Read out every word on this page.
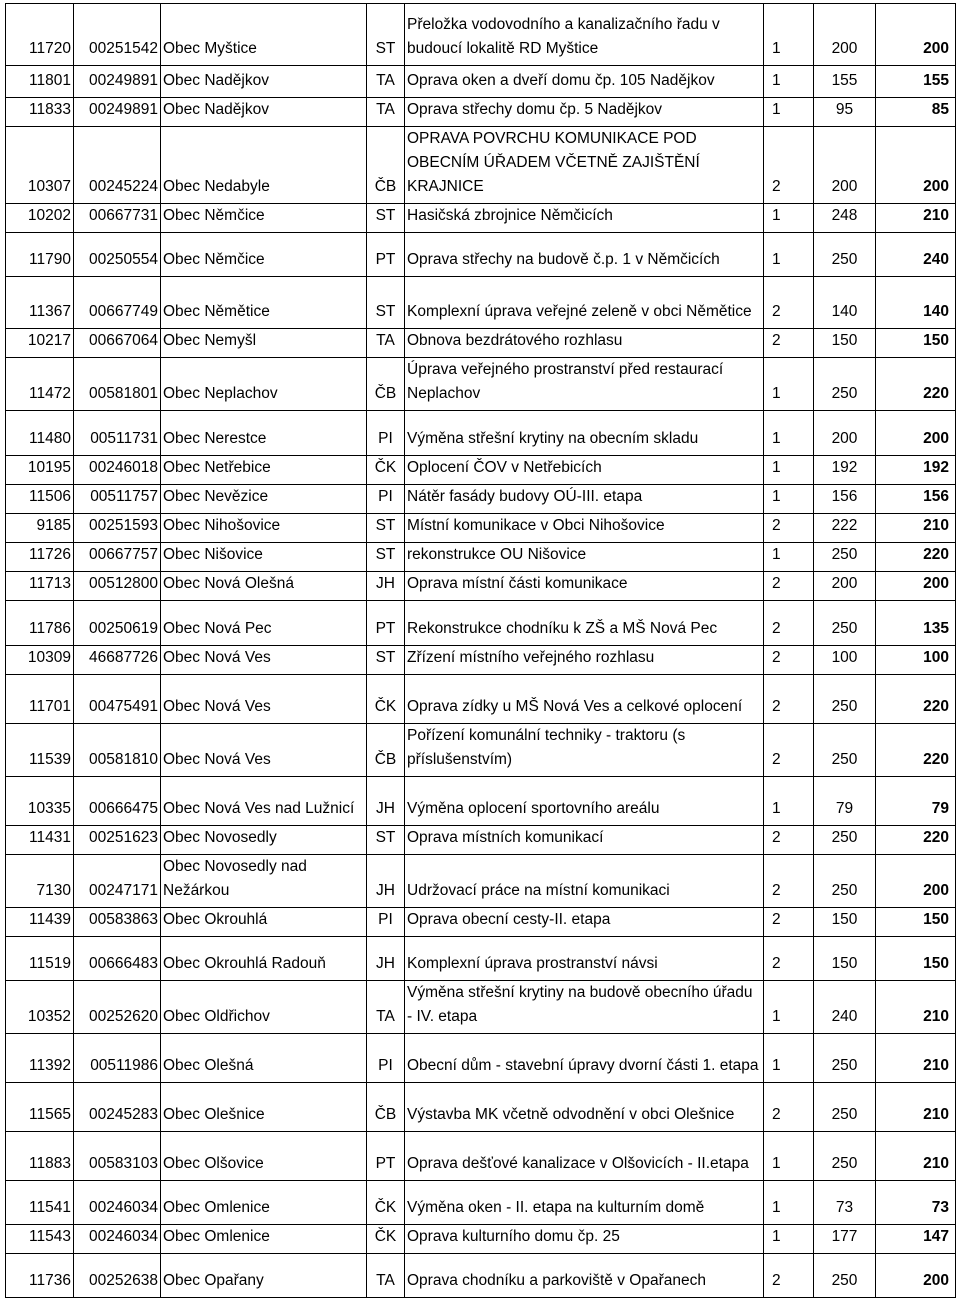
11720	00251542	Obec Myštice	ST	Přeložka vodovodního a kanalizačního řadu v budoucí lokalitě RD Myštice	1	200	200
11801	00249891	Obec Nadějkov	TA	Oprava oken a dveří domu čp. 105 Nadějkov	1	155	155
11833	00249891	Obec Nadějkov	TA	Oprava střechy domu čp. 5 Nadějkov	1	95	85
10307	00245224	Obec Nedabyle	ČB	OPRAVA POVRCHU KOMUNIKACE POD OBECNÍM ÚŘADEM VČETNĚ ZAJIŠTĚNÍ KRAJNICE	2	200	200
10202	00667731	Obec Němčice	ST	Hasičská zbrojnice Němčicích	1	248	210
11790	00250554	Obec Němčice	PT	Oprava střechy na budově č.p. 1 v Němčicích	1	250	240
11367	00667749	Obec Němětice	ST	Komplexní úprava veřejné zeleně v obci Němětice	2	140	140
10217	00667064	Obec Nemyšl	TA	Obnova bezdrátového rozhlasu	2	150	150
11472	00581801	Obec Neplachov	ČB	Úprava veřejného prostranství před restaurací Neplachov	1	250	220
11480	00511731	Obec Nerestce	PI	Výměna střešní krytiny na obecním skladu	1	200	200
10195	00246018	Obec Netřebice	ČK	Oplocení ČOV v Netřebicích	1	192	192
11506	00511757	Obec Nevězice	PI	Nátěr fasády budovy OÚ-III. etapa	1	156	156
9185	00251593	Obec Nihošovice	ST	Místní komunikace v Obci Nihošovice	2	222	210
11726	00667757	Obec Nišovice	ST	rekonstrukce OU Nišovice	1	250	220
11713	00512800	Obec Nová Olešná	JH	Oprava místní části komunikace	2	200	200
11786	00250619	Obec Nová Pec	PT	Rekonstrukce chodníku k ZŠ a MŠ Nová Pec	2	250	135
10309	46687726	Obec Nová Ves	ST	Zřízení místního veřejného rozhlasu	2	100	100
11701	00475491	Obec Nová Ves	ČK	Oprava zídky u MŠ Nová Ves a celkové oplocení	2	250	220
11539	00581810	Obec Nová Ves	ČB	Pořízení komunální techniky - traktoru (s příslušenstvím)	2	250	220
10335	00666475	Obec Nová Ves nad Lužnicí	JH	Výměna oplocení sportovního areálu	1	79	79
11431	00251623	Obec Novosedly	ST	Oprava místních komunikací	2	250	220
7130	00247171	Obec Novosedly nad Nežárkou	JH	Udržovací práce na místní komunikaci	2	250	200
11439	00583863	Obec Okrouhlá	PI	Oprava obecní cesty-II. etapa	2	150	150
11519	00666483	Obec Okrouhlá Radouň	JH	Komplexní úprava prostranství návsi	2	150	150
10352	00252620	Obec Oldřichov	TA	Výměna střešní krytiny na budově obecního úřadu - IV. etapa	1	240	210
11392	00511986	Obec Olešná	PI	Obecní dům - stavební úpravy dvorní části 1. etapa	1	250	210
11565	00245283	Obec Olešnice	ČB	Výstavba MK včetně odvodnění v obci Olešnice	2	250	210
11883	00583103	Obec Olšovice	PT	Oprava dešťové kanalizace v Olšovicích - II.etapa	1	250	210
11541	00246034	Obec Omlenice	ČK	Výměna oken - II. etapa na kulturním domě	1	73	73
11543	00246034	Obec Omlenice	ČK	Oprava kulturního domu čp. 25	1	177	147
11736	00252638	Obec Opařany	TA	Oprava chodníku a parkoviště v Opařanech	2	250	200
